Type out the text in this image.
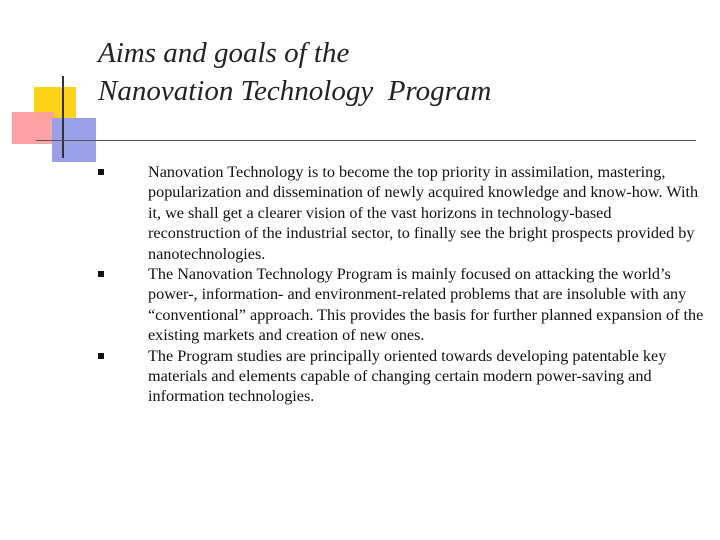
Aims and goals of the
Nanovation Technology  Program
Nanovation Technology is to become the top priority in assimilation, mastering, popularization and dissemination of newly acquired knowledge and know-how. With it, we shall get a clearer vision of the vast horizons in technology-based reconstruction of the industrial sector, to finally see the bright prospects provided by nanotechnologies.
The Nanovation Technology Program is mainly focused on attacking the world’s power-, information- and environment-related problems that are insoluble with any “conventional” approach. This provides the basis for further planned expansion of the existing markets and creation of new ones.
The Program studies are principally oriented towards developing patentable key materials and elements capable of changing certain modern power-saving and information technologies.
